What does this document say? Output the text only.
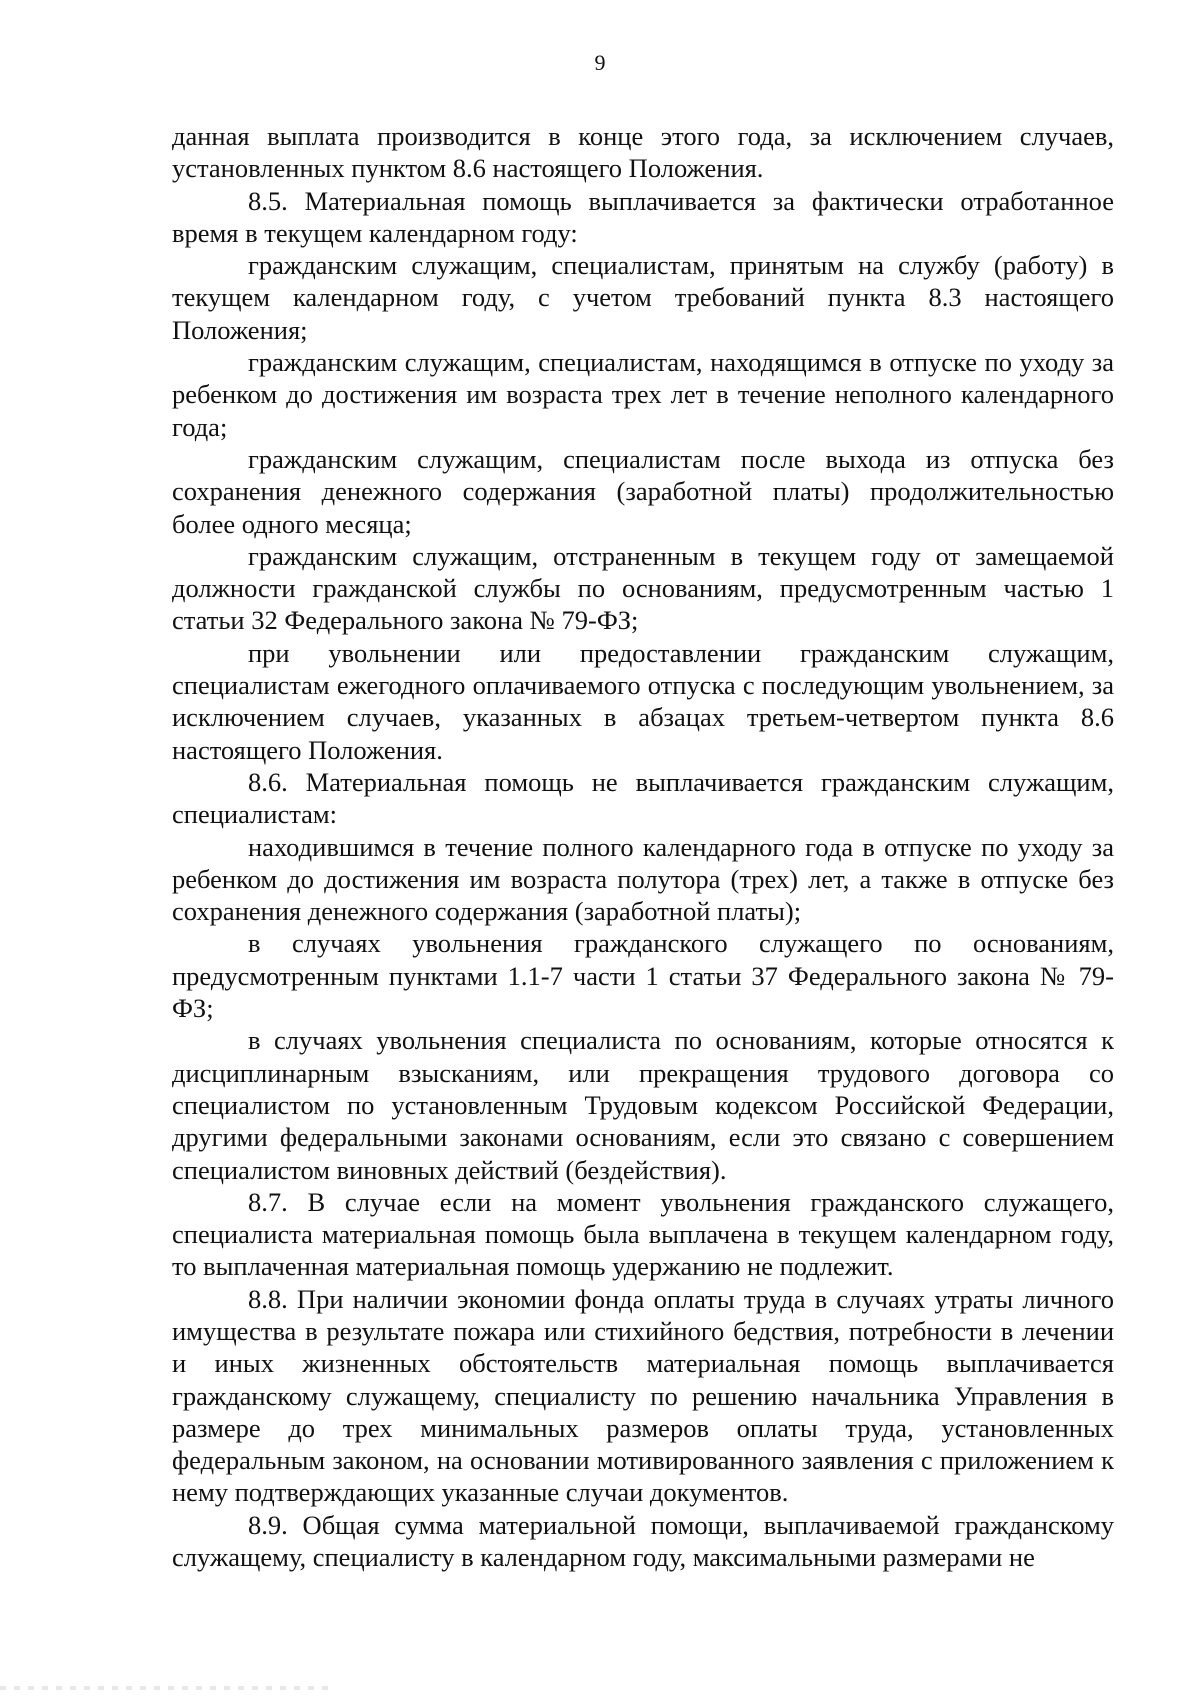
9

данная выплата производится в конце этого года, за исключением случаев, установленных пунктом 8.6 настоящего Положения.

8.5. Материальная помощь выплачивается за фактически отработанное время в текущем календарном году:

гражданским служащим, специалистам, принятым на службу (работу) в текущем календарном году, с учетом требований пункта 8.3 настоящего Положения;

гражданским служащим, специалистам, находящимся в отпуске по уходу за ребенком до достижения им возраста трех лет в течение неполного календарного года;

гражданским служащим, специалистам после выхода из отпуска без сохранения денежного содержания (заработной платы) продолжительностью более одного месяца;

гражданским служащим, отстраненным в текущем году от замещаемой должности гражданской службы по основаниям, предусмотренным частью 1 статьи 32 Федерального закона № 79-ФЗ;

при увольнении или предоставлении гражданским служащим, специалистам ежегодного оплачиваемого отпуска с последующим увольнением, за исключением случаев, указанных в абзацах третьем-четвертом пункта 8.6 настоящего Положения.

8.6. Материальная помощь не выплачивается гражданским служащим, специалистам:

находившимся в течение полного календарного года в отпуске по уходу за ребенком до достижения им возраста полутора (трех) лет, а также в отпуске без сохранения денежного содержания (заработной платы);

в случаях увольнения гражданского служащего по основаниям, предусмотренным пунктами 1.1-7 части 1 статьи 37 Федерального закона № 79-ФЗ;

в случаях увольнения специалиста по основаниям, которые относятся к дисциплинарным взысканиям, или прекращения трудового договора со специалистом по установленным Трудовым кодексом Российской Федерации, другими федеральными законами основаниям, если это связано с совершением специалистом виновных действий (бездействия).

8.7. В случае если на момент увольнения гражданского служащего, специалиста материальная помощь была выплачена в текущем календарном году, то выплаченная материальная помощь удержанию не подлежит.

8.8. При наличии экономии фонда оплаты труда в случаях утраты личного имущества в результате пожара или стихийного бедствия, потребности в лечении и иных жизненных обстоятельств материальная помощь выплачивается гражданскому служащему, специалисту по решению начальника Управления в размере до трех минимальных размеров оплаты труда, установленных федеральным законом, на основании мотивированного заявления с приложением к нему подтверждающих указанные случаи документов.

8.9. Общая сумма материальной помощи, выплачиваемой гражданскому служащему, специалисту в календарном году, максимальными размерами не
